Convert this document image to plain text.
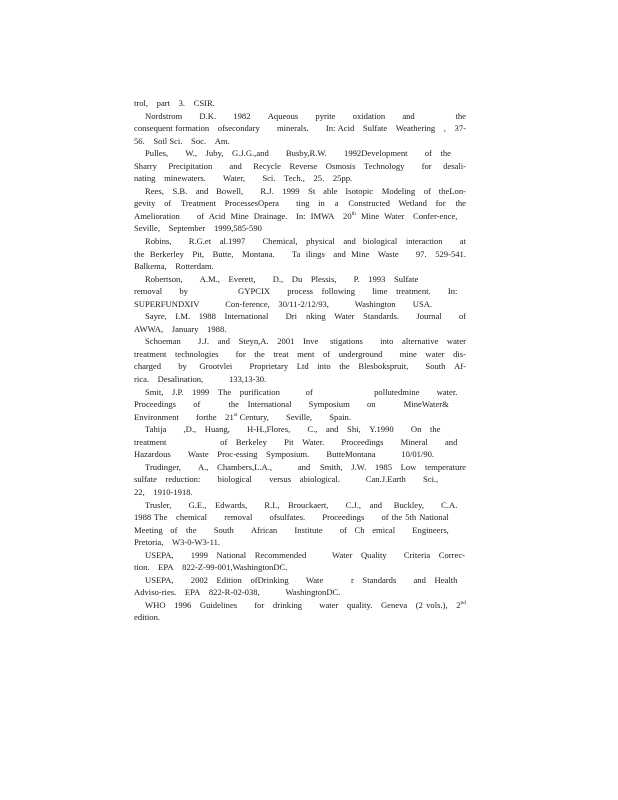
trol, part 3. CSIR.

Nordstrom  D.K.  1982  Aqueous  pyrite  oxidation  and the consequent formation ofsecondary  minerals.  In: Acid Sulfate Weathering , 37-56. Soil Sci. Soc. Am.

Pulles,  W., Juby, G.J.G.,and  Busby,R.W.  1992Development  of the Sharry Precipitation  and Recycle Reverse Osmosis Technology  for desali-nating minewaters.  Water,  Sci. Tech., 25. 25pp.

Rees, S.B. and Bowell,  R.J. 1999 St able Isotopic Modeling of theLon-gevity of Treatment ProcessesOpera  ting in a Constructed Wetland for the Amelioration  of Acid Mine Drainage. In: IMWA 20th Mine Water Confer-ence, Seville, September 1999,585-590

Robins,  R.G.et al.1997  Chemical, physical and biological interaction  at the Berkerley Pit, Butte, Montana.  Ta ilings and Mine Waste  97. 529-541. Balkema, Rotterdam.

Robertson,  A.M., Everett,  D., Du Plessis,  P. 1993 Sulfate  removal  by GYPCIX  process following  lime treatment.  In: SUPERFUNDXIV   Con-ference, 30/11-2/12/93,   Washington  USA.

Sayre, I.M. 1988 International  Dri nking Water Standards.  Journal  of AWWA, January 1988.

Schoeman  J.J. and Steyn,A. 2001 Inve stigations  into alternative water treatment technologies  for the treat ment of underground  mine water dis-charged  by Grootvlei  Proprietary Ltd into the Blesbokspruit,  South Af-rica. Desalination,   133,13-30.

Smit, J.P. 1999 The purification   of pollutedmine  water. Proceedings  of the International  Symposium  on MineWater&  Environment  forthe 21st Century,  Seville,  Spain.

Tahija  ,D., Huang,  H-H.,Flores,  C., and Shi, Y.1990  On the treatment of Berkeley  Pit Water.  Proceedings  Mineral  and Hazardous  Waste Proc-essing Symposium.  ButteMontana   10/01/90.

Trudinger,  A., Chambers,L.A.,   and Smith, J.W. 1985 Low temperature sulfate reduction:  biological  versus abiological.   Can.J.Earth  Sci., 22, 1910-1918.

Trusler,  G.E., Edwards,  R.I., Brouckaert,  C.J., and Buckley,  C.A. 1988 The chemical  removal  ofsulfates.  Proceedings  of the 5th National  Meeting of the  South  African  Institute  of Ch emical  Engineers,  Pretoria, W3-0-W3-11.

USEPA,  1999 National Recommended   Water Quality  Criteria Correc-tion. EPA 822-Z-99-001,WashingtonDC.

USEPA,  2002 Edition ofDrinking  Wate r Standards  and Health Adviso-ries. EPA 822-R-02-038,   WashingtonDC.

WHO 1996 Guidelines  for drinking  water quality. Geneva (2 vols.), 2nd edition.
